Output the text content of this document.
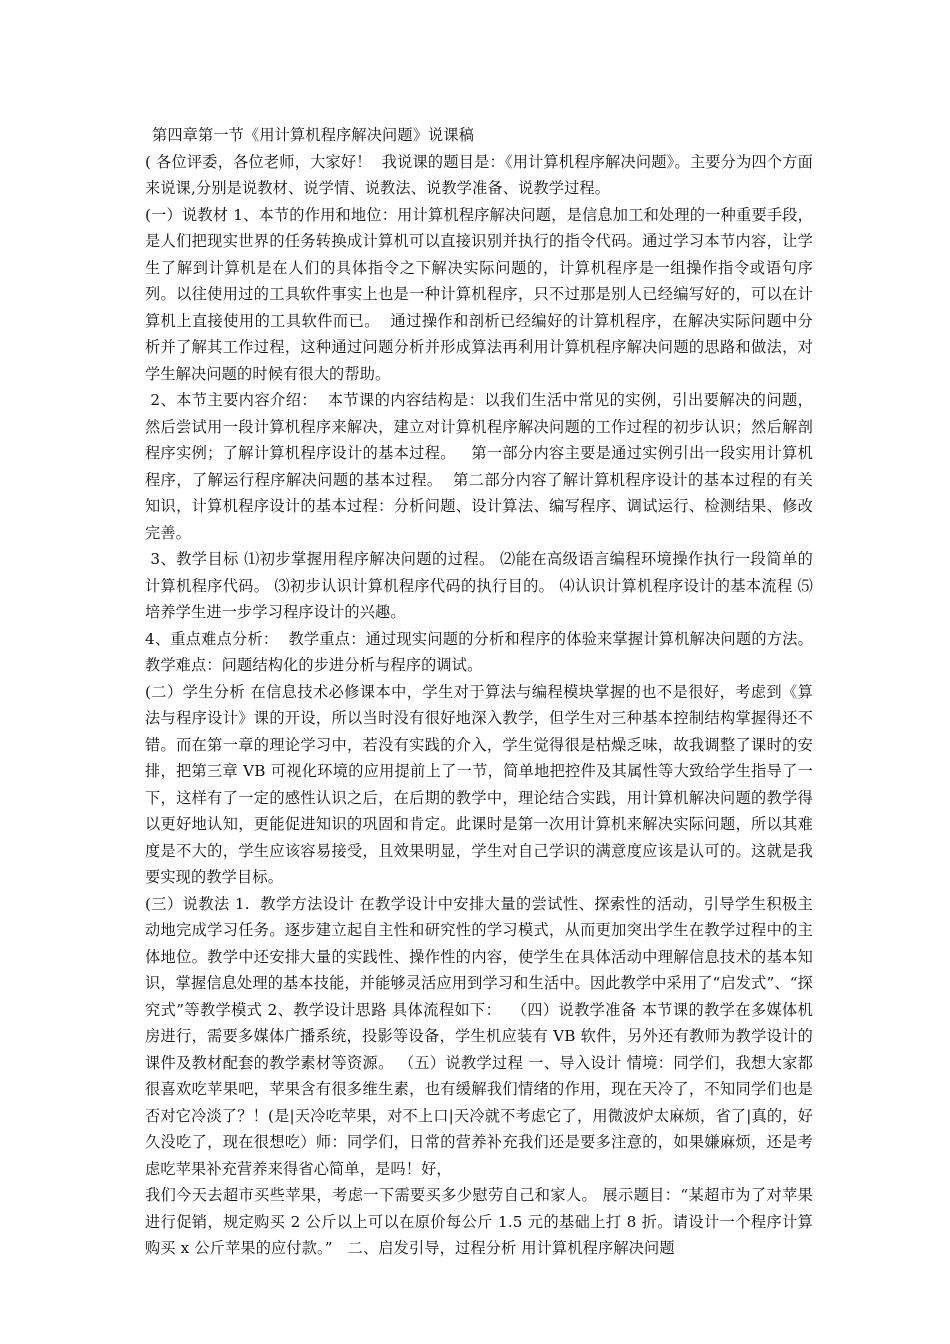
第四章第一节《用计算机程序解决问题》说课稿

( 各位评委，各位老师，大家好！  我说课的题目是：《用计算机程序解决问题》。主要分为四个方面来说课,分别是说教材、说学情、说教法、说教学准备、说教学过程。

(一）说教材 1、本节的作用和地位：用计算机程序解决问题，是信息加工和处理的一种重要手段，是人们把现实世界的任务转换成计算机可以直接识别并执行的指令代码。通过学习本节内容，让学生了解到计算机是在人们的具体指令之下解决实际问题的，计算机程序是一组操作指令或语句序列。以往使用过的工具软件事实上也是一种计算机程序，只不过那是别人已经编写好的，可以在计算机上直接使用的工具软件而已。  通过操作和剖析已经编好的计算机程序，在解决实际问题中分析并了解其工作过程，这种通过问题分析并形成算法再利用计算机程序解决问题的思路和做法，对学生解决问题的时候有很大的帮助。

2、本节主要内容介绍：  本节课的内容结构是：以我们生活中常见的实例，引出要解决的问题，然后尝试用一段计算机程序来解决，建立对计算机程序解决问题的工作过程的初步认识；然后解剖程序实例；了解计算机程序设计的基本过程。   第一部分内容主要是通过实例引出一段实用计算机程序，了解运行程序解决问题的基本过程。  第二部分内容了解计算机程序设计的基本过程的有关知识，计算机程序设计的基本过程：分析问题、设计算法、编写程序、调试运行、检测结果、修改完善。

3、教学目标 ⑴初步掌握用程序解决问题的过程。 ⑵能在高级语言编程环境操作执行一段简单的计算机程序代码。 ⑶初步认识计算机程序代码的执行目的。 ⑷认识计算机程序设计的基本流程 ⑸培养学生进一步学习程序设计的兴趣。

4、重点难点分析：  教学重点：通过现实问题的分析和程序的体验来掌握计算机解决问题的方法。 教学难点：问题结构化的步进分析与程序的调试。

(二）学生分析 在信息技术必修课本中，学生对于算法与编程模块掌握的也不是很好，考虑到《算法与程序设计》课的开设，所以当时没有很好地深入教学，但学生对三种基本控制结构掌握得还不错。而在第一章的理论学习中，若没有实践的介入，学生觉得很是枯燥乏味，故我调整了课时的安排，把第三章 VB 可视化环境的应用提前上了一节，简单地把控件及其属性等大致给学生指导了一下，这样有了一定的感性认识之后，在后期的教学中，理论结合实践，用计算机解决问题的教学得以更好地认知，更能促进知识的巩固和肯定。此课时是第一次用计算机来解决实际问题，所以其难度是不大的，学生应该容易接受，且效果明显，学生对自己学识的满意度应该是认可的。这就是我要实现的教学目标。

(三）说教法 1.  教学方法设计 在教学设计中安排大量的尝试性、探索性的活动，引导学生积极主动地完成学习任务。逐步建立起自主性和研究性的学习模式，从而更加突出学生在教学过程中的主体地位。教学中还安排大量的实践性、操作性的内容，使学生在具体活动中理解信息技术的基本知识，掌握信息处理的基本技能，并能够灵活应用到学习和生活中。因此教学中采用了“启发式”、“探究式”等教学模式 2、教学设计思路 具体流程如下：  （四）说教学准备 本节课的教学在多媒体机房进行，需要多媒体广播系统，投影等设备，学生机应装有 VB 软件，另外还有教师为教学设计的课件及教材配套的教学素材等资源。 （五）说教学过程 一、导入设计 情境：同学们，我想大家都很喜欢吃苹果吧，苹果含有很多维生素，也有缓解我们情绪的作用，现在天冷了，不知同学们也是否对它冷淡了？！(是|天冷吃苹果，对不上口|天冷就不考虑它了，用微波炉太麻烦，省了|真的，好久没吃了，现在很想吃）师：同学们，日常的营养补充我们还是要多注意的，如果嫌麻烦，还是考虑吃苹果补充营养来得省心简单，是吗！好，

我们今天去超市买些苹果，考虑一下需要买多少慰劳自己和家人。 展示题目：“某超市为了对苹果进行促销，规定购买 2 公斤以上可以在原价每公斤 1.5 元的基础上打 8 折。请设计一个程序计算购买 x 公斤苹果的应付款。”   二、启发引导，过程分析 用计算机程序解决问题
